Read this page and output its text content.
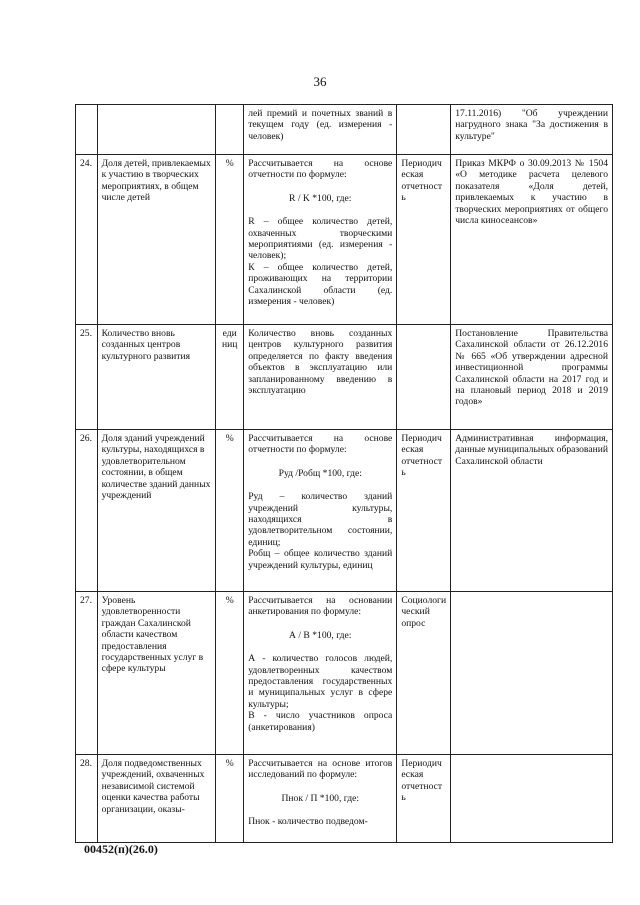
36

			лей премий и почетных званий в текущем году (ед. измерения - человек)		17.11.2016) "Об учреждении нагрудного знака "За достижения в культуре"
24.	Доля детей, привлекаемых к участию в творческих мероприятиях, в общем числе детей	%	Рассчитывается на основе отчетности по формуле:
R / K *100, где:
R – общее количество детей, охваченных творческими мероприятиями (ед. измерения - человек);
К – общее количество детей, проживающих на территории Сахалинской области (ед. измерения - человек)	Периодическая отчетность	Приказ МКРФ о 30.09.2013 № 1504 «О методике расчета целевого показателя «Доля детей, привлекаемых к участию в творческих мероприятиях от общего числа киносеансов»
25.	Количество вновь созданных центров культурного развития	единиц	Количество вновь созданных центров культурного развития определяется по факту введения объектов в эксплуатацию или запланированному введению в эксплуатацию		Постановление Правительства Сахалинской области от 26.12.2016 № 665 «Об утверждении адресной инвестиционной программы Сахалинской области на 2017 год и на плановый период 2018 и 2019 годов»
26.	Доля зданий учреждений культуры, находящихся в удовлетворительном состоянии, в общем количестве зданий данных учреждений	%	Рассчитывается на основе отчетности по формуле:
Руд /Робщ *100, где:
Руд – количество зданий учреждений культуры, находящихся в удовлетворительном состоянии, единиц;
Робщ – общее количество зданий учреждений культуры, единиц	Периодическая отчетность	Административная информация, данные муниципальных образований Сахалинской области
27.	Уровень удовлетворенности граждан Сахалинской области качеством предоставления государственных услуг в сфере культуры	%	Рассчитывается на основании анкетирования по формуле:
А / В *100, где:
А - количество голосов людей, удовлетворенных качеством предоставления государственных и муниципальных услуг в сфере культуры;
В - число участников опроса (анкетирования)	Социологический опрос	
28.	Доля подведомственных учреждений, охваченных независимой системой оценки качества работы организации, оказы-	%	Рассчитывается на основе итогов исследований по формуле:
Пнок / П *100, где:
Пнок - количество подведом-	Периодическая отчетность	
00452(п)(26.0)
